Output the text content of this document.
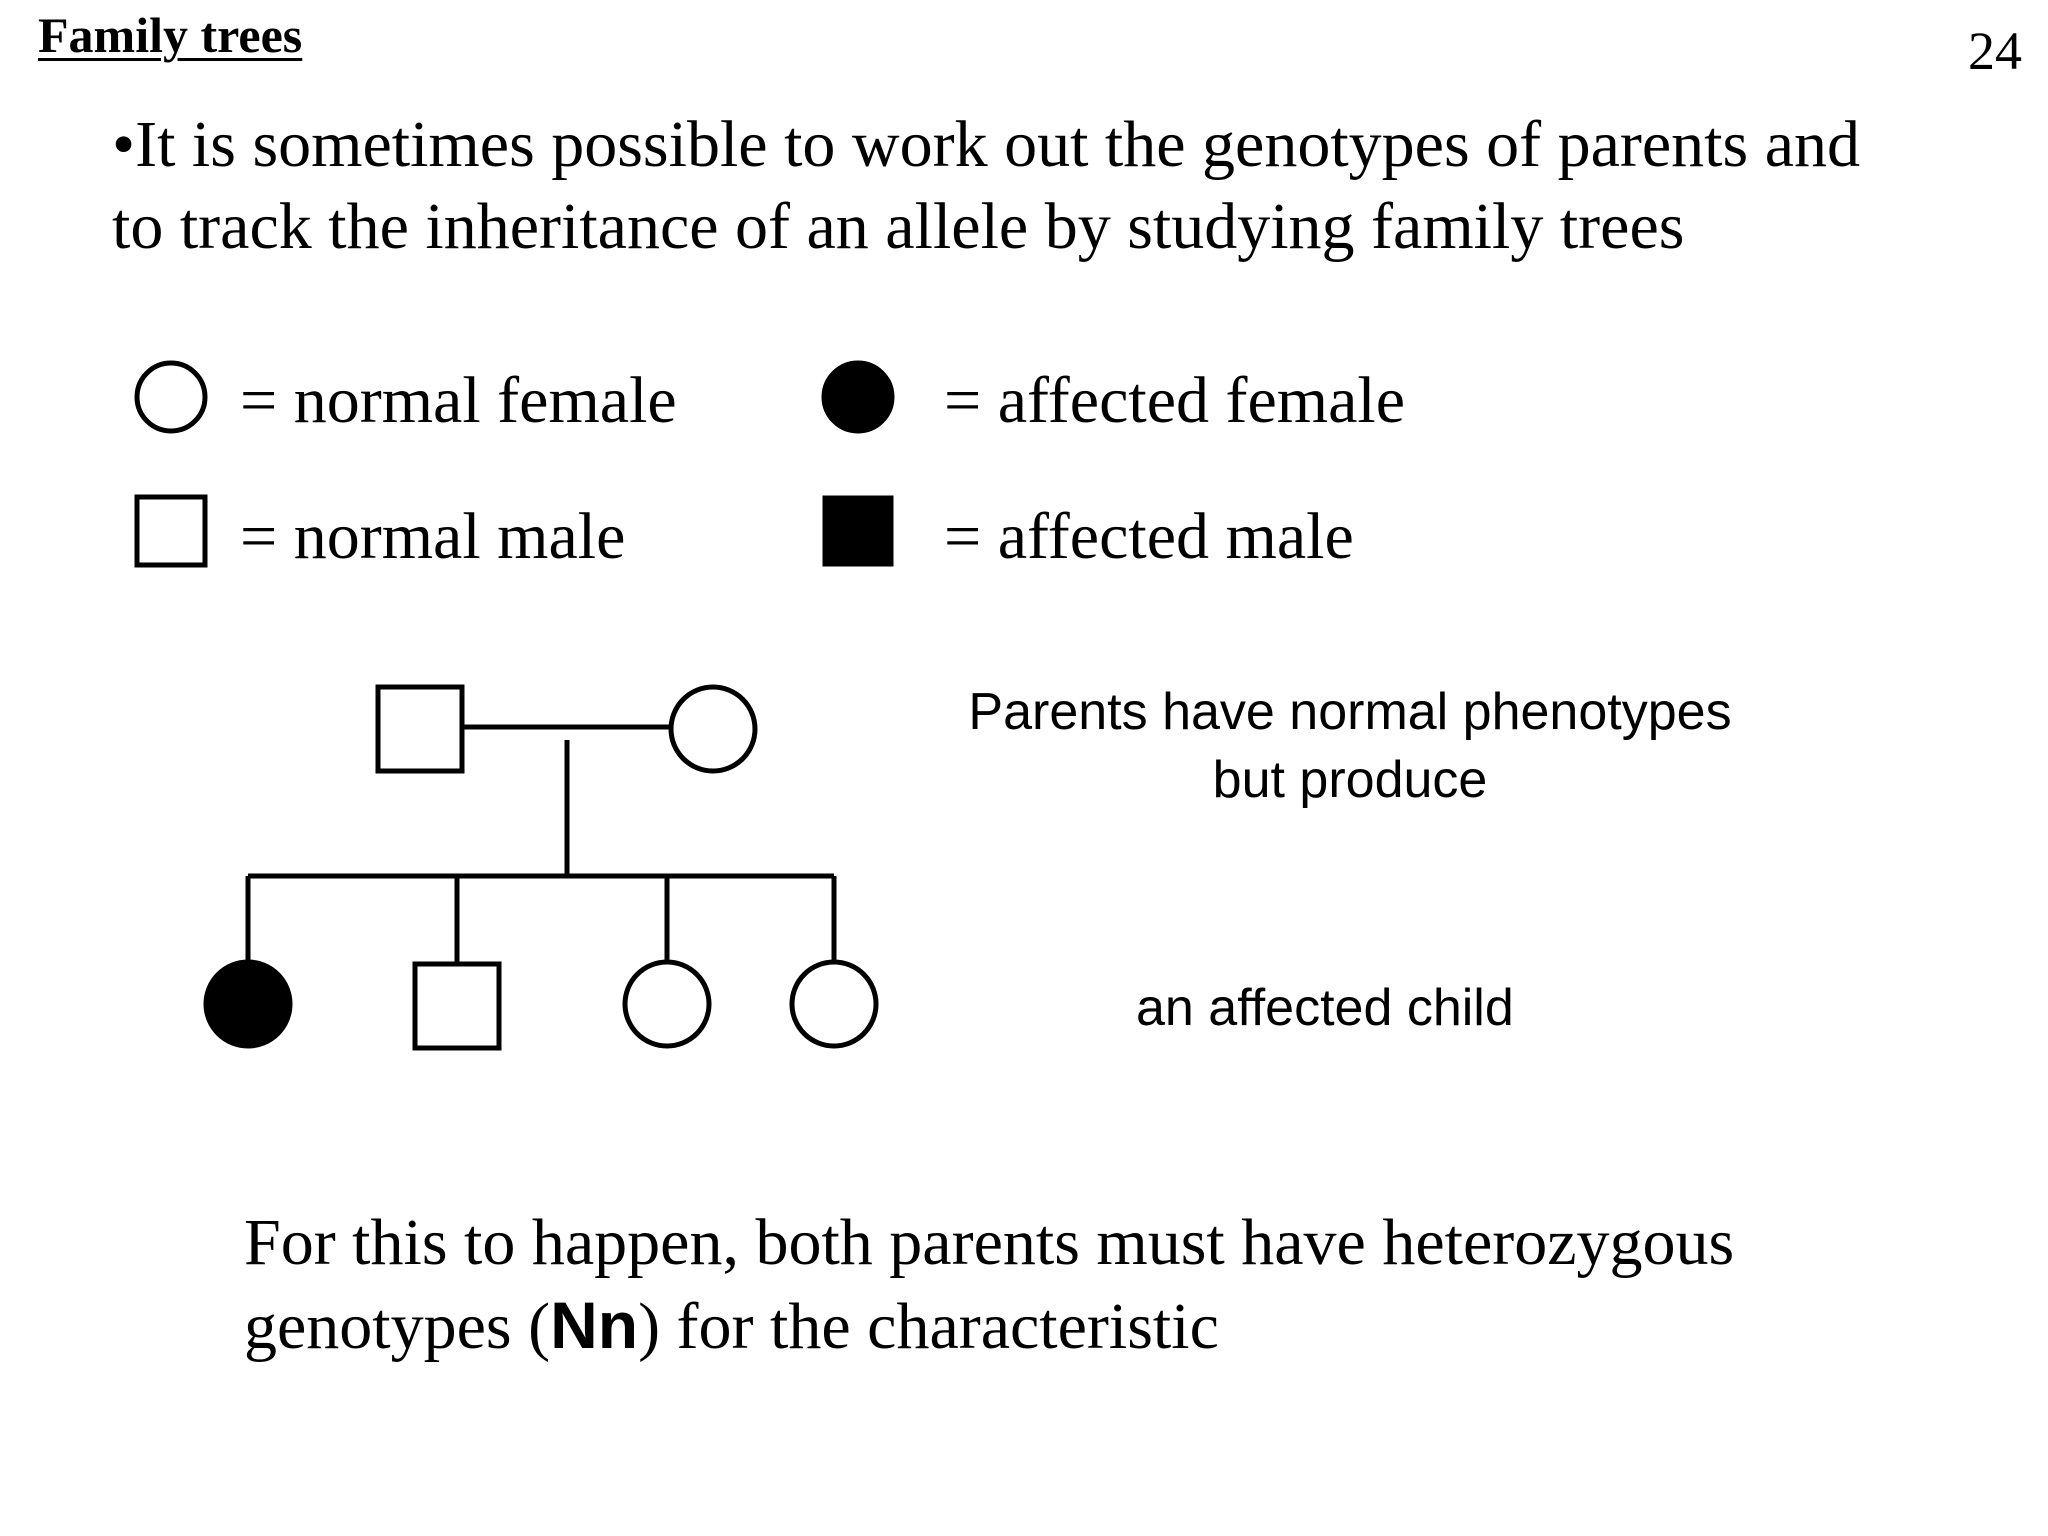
Family trees	24

•It is sometimes possible to work out the genotypes of parents and

to track the inheritance of an allele by studying family trees

= normal female	= affected female
= normal male	= affected male
Parents have normal phenotypes
but produce
an affected child

For this to happen, both parents must have heterozygous

genotypes (Nn) for the characteristic
